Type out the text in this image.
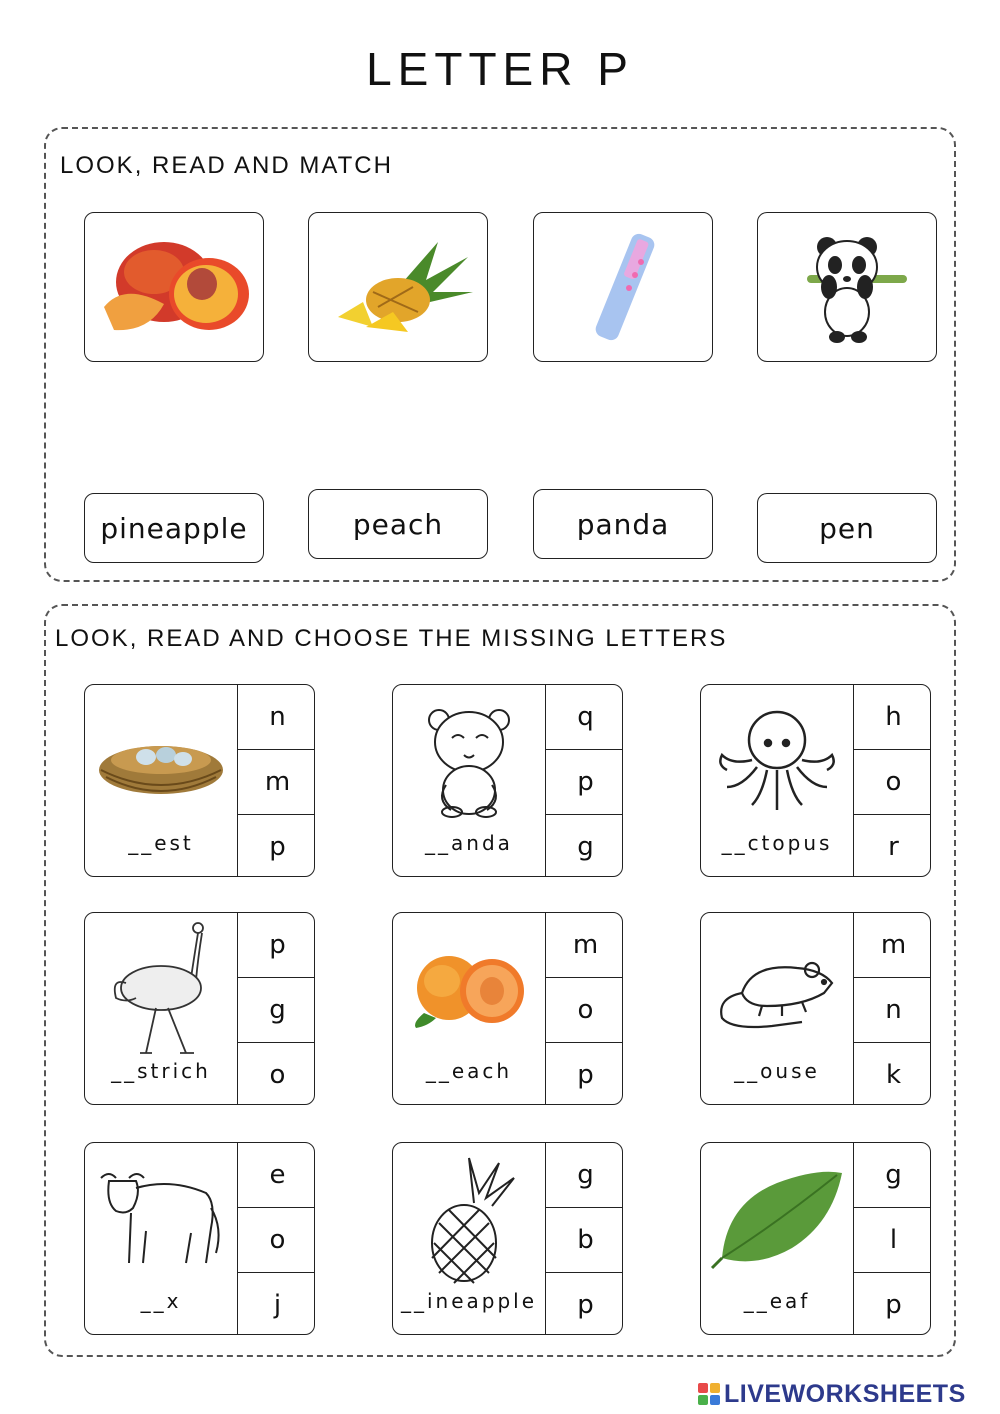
LETTER P
LOOK, READ AND MATCH
pineapple	peach	panda	pen
LOOK, READ AND CHOOSE THE MISSING LETTERS
__est
n
m
p	__anda
q
p
g	__ctopus
h
o
r
__strich
p
g
o	__each
m
o
p	__ouse
m
n
k
__x
e
o
j	__ineapple
g
b
p	__eaf
g
l
p
LIVEWORKSHEETS
